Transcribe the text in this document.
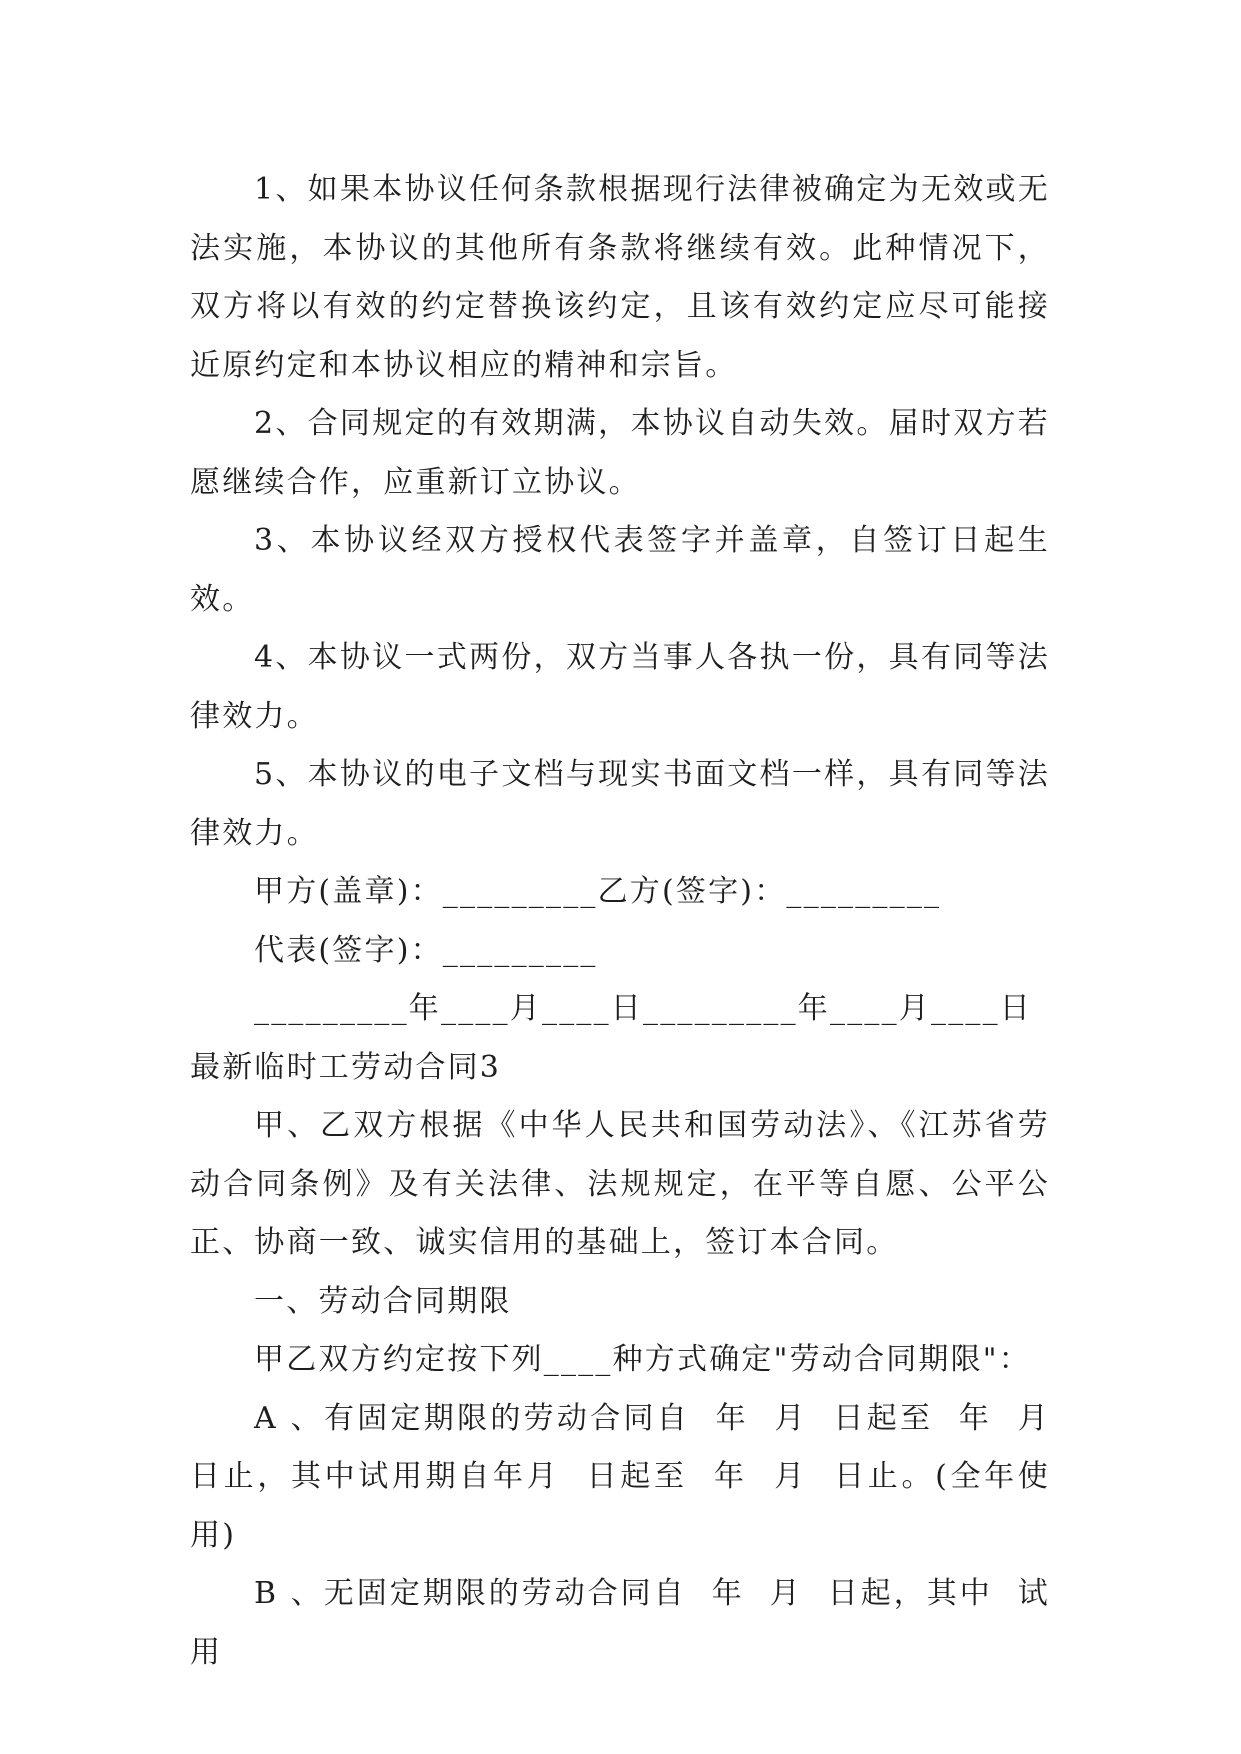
1、如果本协议任何条款根据现行法律被确定为无效或无法实施，本协议的其他所有条款将继续有效。此种情况下，双方将以有效的约定替换该约定，且该有效约定应尽可能接近原约定和本协议相应的精神和宗旨。

2、合同规定的有效期满，本协议自动失效。届时双方若愿继续合作，应重新订立协议。

3、本协议经双方授权代表签字并盖章，自签订日起生效。

4、本协议一式两份，双方当事人各执一份，具有同等法律效力。

5、本协议的电子文档与现实书面文档一样，具有同等法律效力。

甲方(盖章)：_________乙方(签字)：_________

代表(签字)：_________

_________年____月____日_________年____月____日

最新临时工劳动合同3

甲、乙双方根据《中华人民共和国劳动法》、《江苏省劳动合同条例》及有关法律、法规规定，在平等自愿、公平公正、协商一致、诚实信用的基础上，签订本合同。

一、劳动合同期限

甲乙双方约定按下列____种方式确定"劳动合同期限"：

A 、有固定期限的劳动合同自  年  月  日起至  年  月  日止，其中试用期自年月  日起至  年  月  日止。(全年使用)

B 、无固定期限的劳动合同自  年  月  日起，其中  试用
